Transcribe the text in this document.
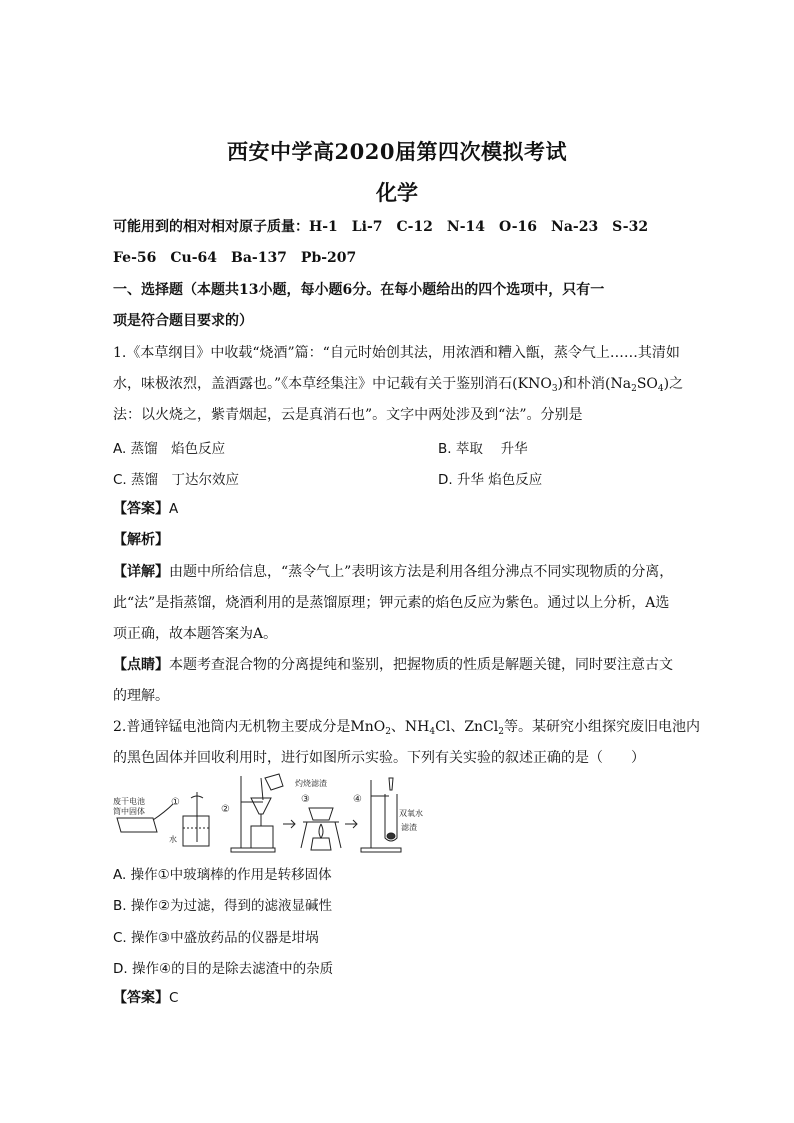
西安中学高2020届第四次模拟考试
化学
可能用到的相对相对原子质量：H-1　Li-7　C-12　N-14　O-16　Na-23　S-32
Fe-56　Cu-64　Ba-137　Pb-207
一、选择题（本题共13小题，每小题6分。在每小题给出的四个选项中，只有一
项是符合题目要求的）
1.《本草纲目》中收载“烧酒”篇：“自元时始创其法，用浓酒和糟入甑，蒸令气上……其清如
水，味极浓烈，盖酒露也。”《本草经集注》中记载有关于鉴别消石$(KNO_3)$和朴消$(Na_2SO_4)$之
法：以火烧之，紫青烟起，云是真消石也”。文字中两处涉及到“法”。分别是
A. 蒸馏　焰色反应	B. 萃取　 升华
C. 蒸馏　丁达尔效应	D. 升华 焰色反应
【答案】A
【解析】
【详解】由题中所给信息，“蒸令气上”表明该方法是利用各组分沸点不同实现物质的分离，
此“法”是指蒸馏，烧酒利用的是蒸馏原理；钾元素的焰色反应为紫色。通过以上分析，A选
项正确，故本题答案为A。
【点睛】本题考查混合物的分离提纯和鉴别，把握物质的性质是解题关键，同时要注意古文
的理解。
2.普通锌锰电池筒内无机物主要成分是MnO$_2$、$NH_4Cl$、ZnCl$_2$等。某研究小组探究废旧电池内
的黑色固体并回收利用时，进行如图所示实验。下列有关实验的叙述正确的是（　　）
废干电池
筒中固体
①
水
②
灼烧滤渣
③	④
双氧水
滤渣
A. 操作①中玻璃棒的作用是转移固体
B. 操作②为过滤，得到的滤液显碱性
C. 操作③中盛放药品的仪器是坩埚
D. 操作④的目的是除去滤渣中的杂质
【答案】C
